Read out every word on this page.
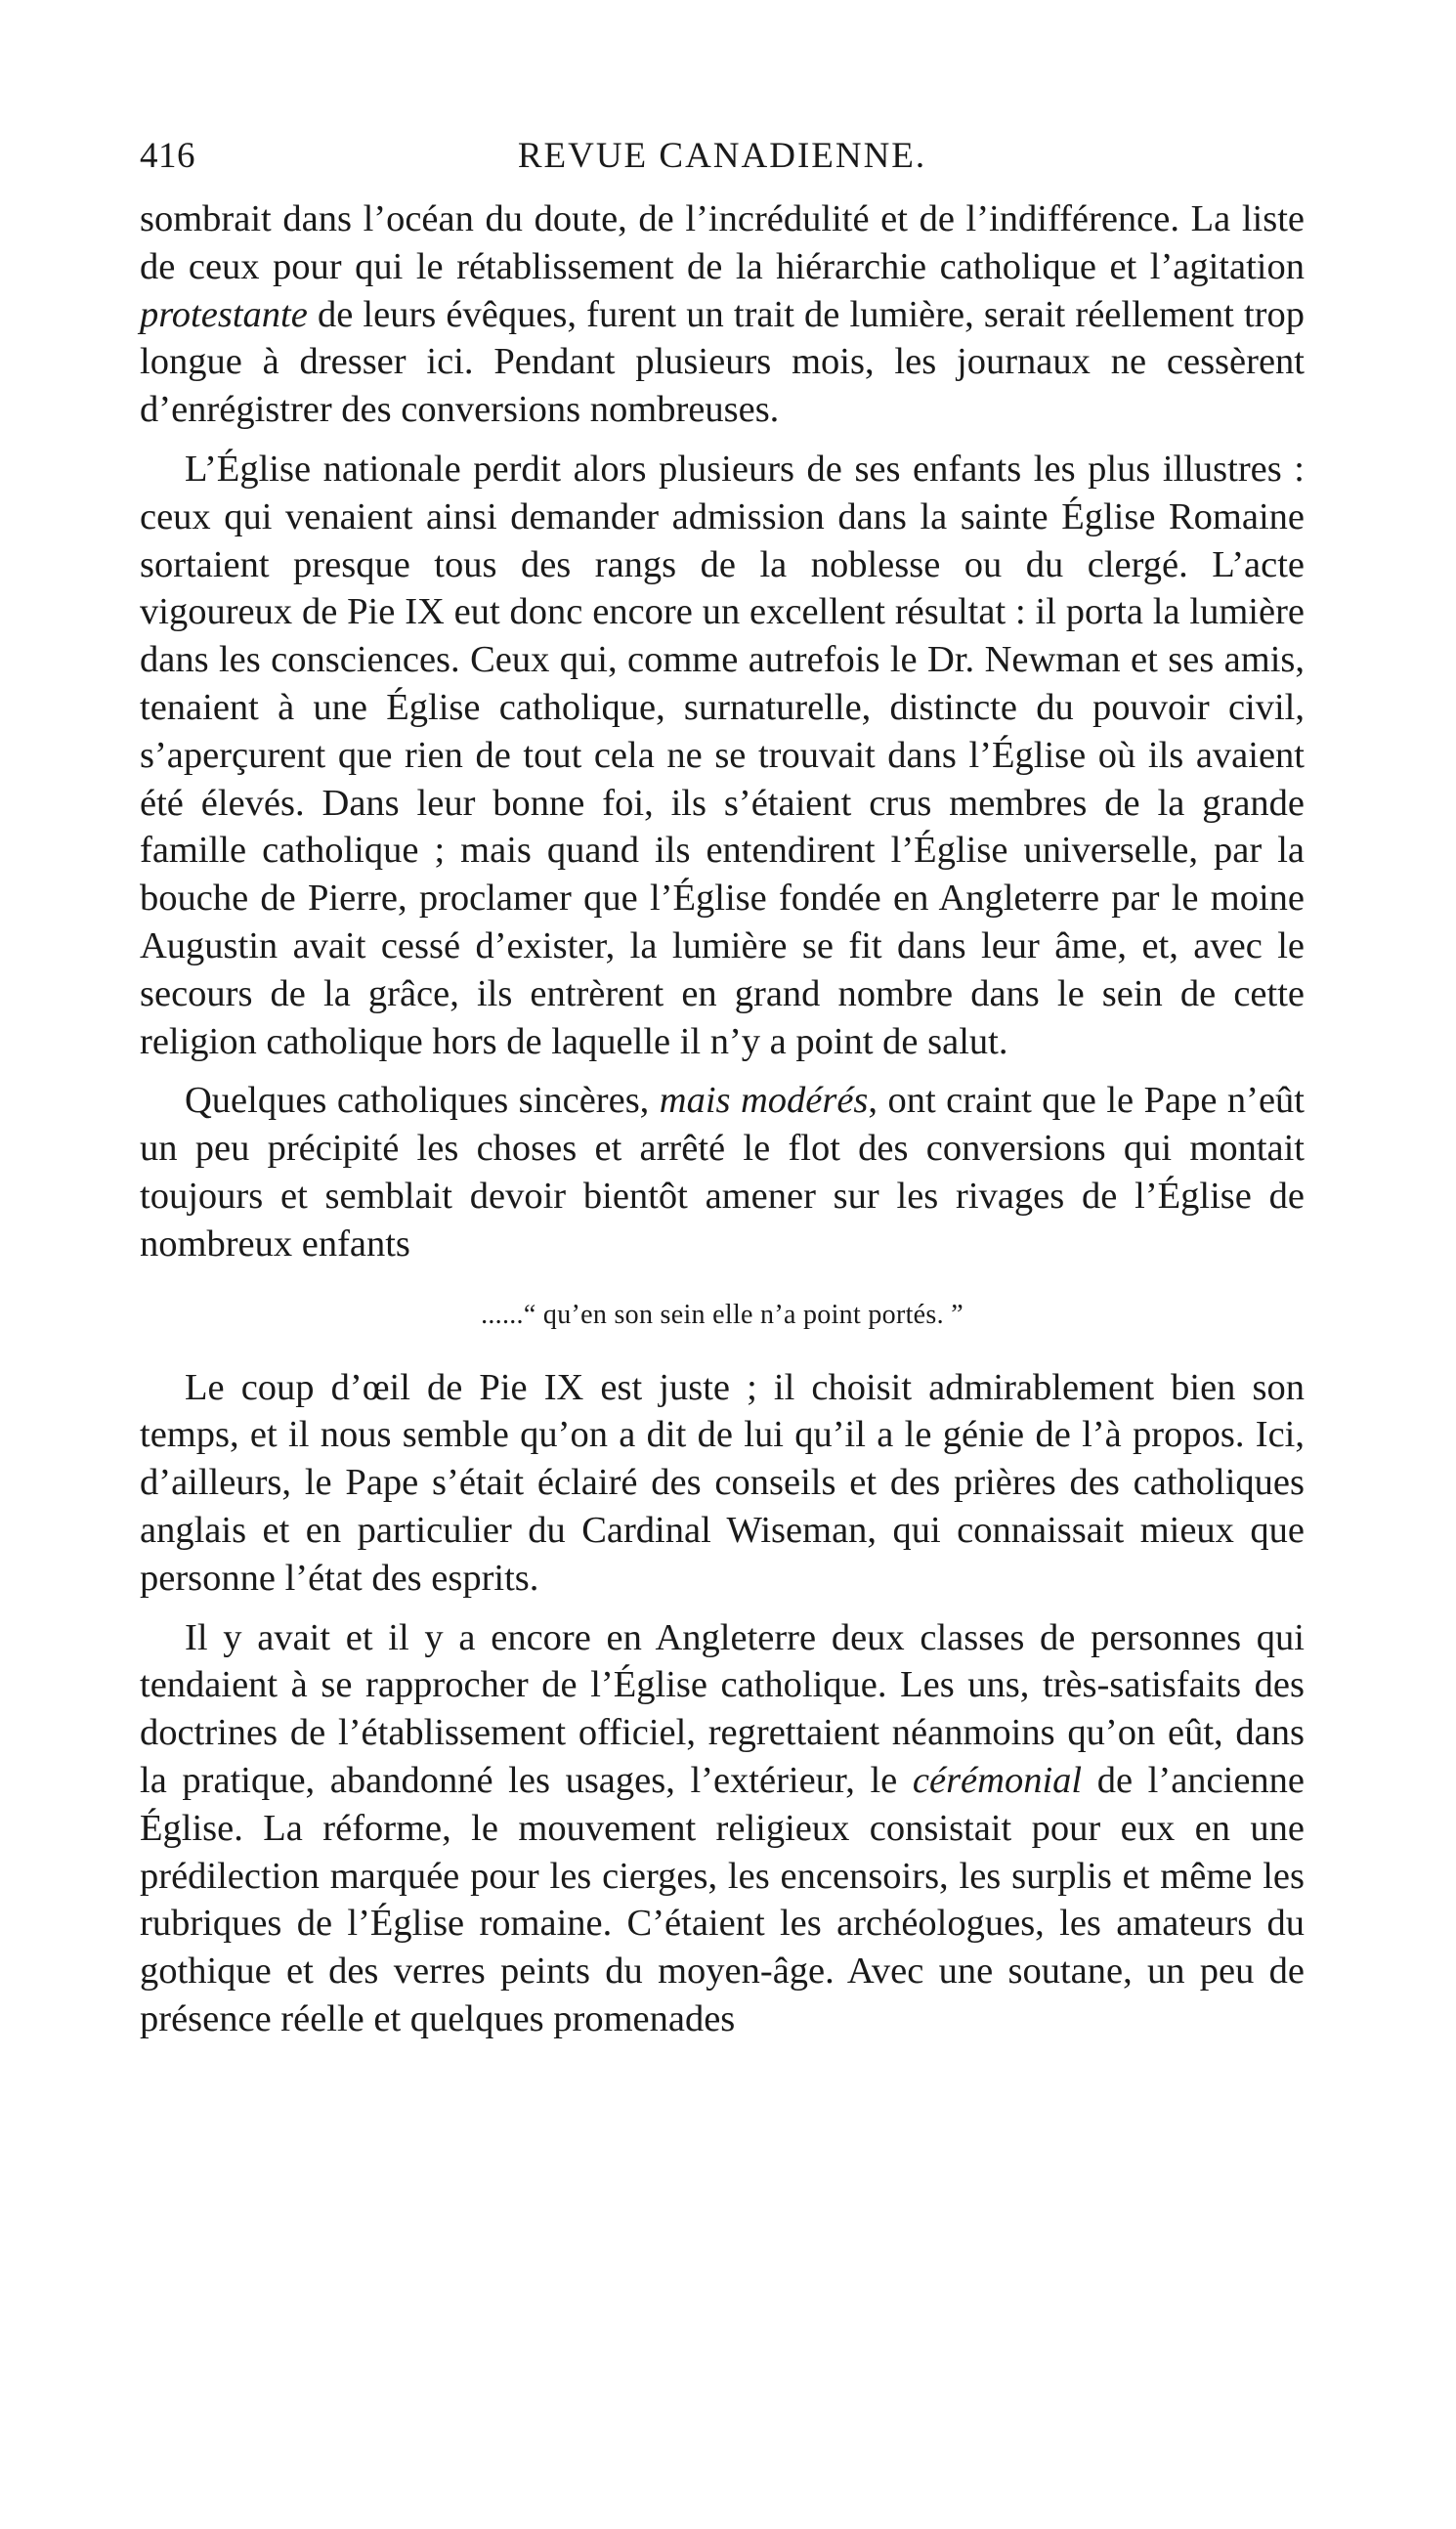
416	REVUE CANADIENNE.

sombrait dans l’océan du doute, de l’incrédulité et de l’indifférence. La liste de ceux pour qui le rétablissement de la hiérarchie catholique et l’agitation protestante de leurs évêques, furent un trait de lumière, serait réellement trop longue à dresser ici. Pendant plusieurs mois, les journaux ne cessèrent d’enrégistrer des conversions nombreuses.

L’Église nationale perdit alors plusieurs de ses enfants les plus illustres : ceux qui venaient ainsi demander admission dans la sainte Église Romaine sortaient presque tous des rangs de la noblesse ou du clergé. L’acte vigoureux de Pie IX eut donc encore un excellent résultat : il porta la lumière dans les consciences. Ceux qui, comme autrefois le Dr. Newman et ses amis, tenaient à une Église catholique, surnaturelle, distincte du pouvoir civil, s’aperçurent que rien de tout cela ne se trouvait dans l’Église où ils avaient été élevés. Dans leur bonne foi, ils s’étaient crus membres de la grande famille catholique ; mais quand ils entendirent l’Église universelle, par la bouche de Pierre, proclamer que l’Église fondée en Angleterre par le moine Augustin avait cessé d’exister, la lumière se fit dans leur âme, et, avec le secours de la grâce, ils entrèrent en grand nombre dans le sein de cette religion catholique hors de laquelle il n’y a point de salut.

Quelques catholiques sincères, mais modérés, ont craint que le Pape n’eût un peu précipité les choses et arrêté le flot des conversions qui montait toujours et semblait devoir bientôt amener sur les rivages de l’Église de nombreux enfants

......“ qu’en son sein elle n’a point portés. ”

Le coup d’œil de Pie IX est juste ; il choisit admirablement bien son temps, et il nous semble qu’on a dit de lui qu’il a le génie de l’à propos. Ici, d’ailleurs, le Pape s’était éclairé des conseils et des prières des catholiques anglais et en particulier du Cardinal Wiseman, qui connaissait mieux que personne l’état des esprits.

Il y avait et il y a encore en Angleterre deux classes de personnes qui tendaient à se rapprocher de l’Église catholique. Les uns, très-satisfaits des doctrines de l’établissement officiel, regrettaient néanmoins qu’on eût, dans la pratique, abandonné les usages, l’extérieur, le cérémonial de l’ancienne Église. La réforme, le mouvement religieux consistait pour eux en une prédilection marquée pour les cierges, les encensoirs, les surplis et même les rubriques de l’Église romaine. C’étaient les archéologues, les amateurs du gothique et des verres peints du moyen-âge. Avec une soutane, un peu de présence réelle et quelques promenades
